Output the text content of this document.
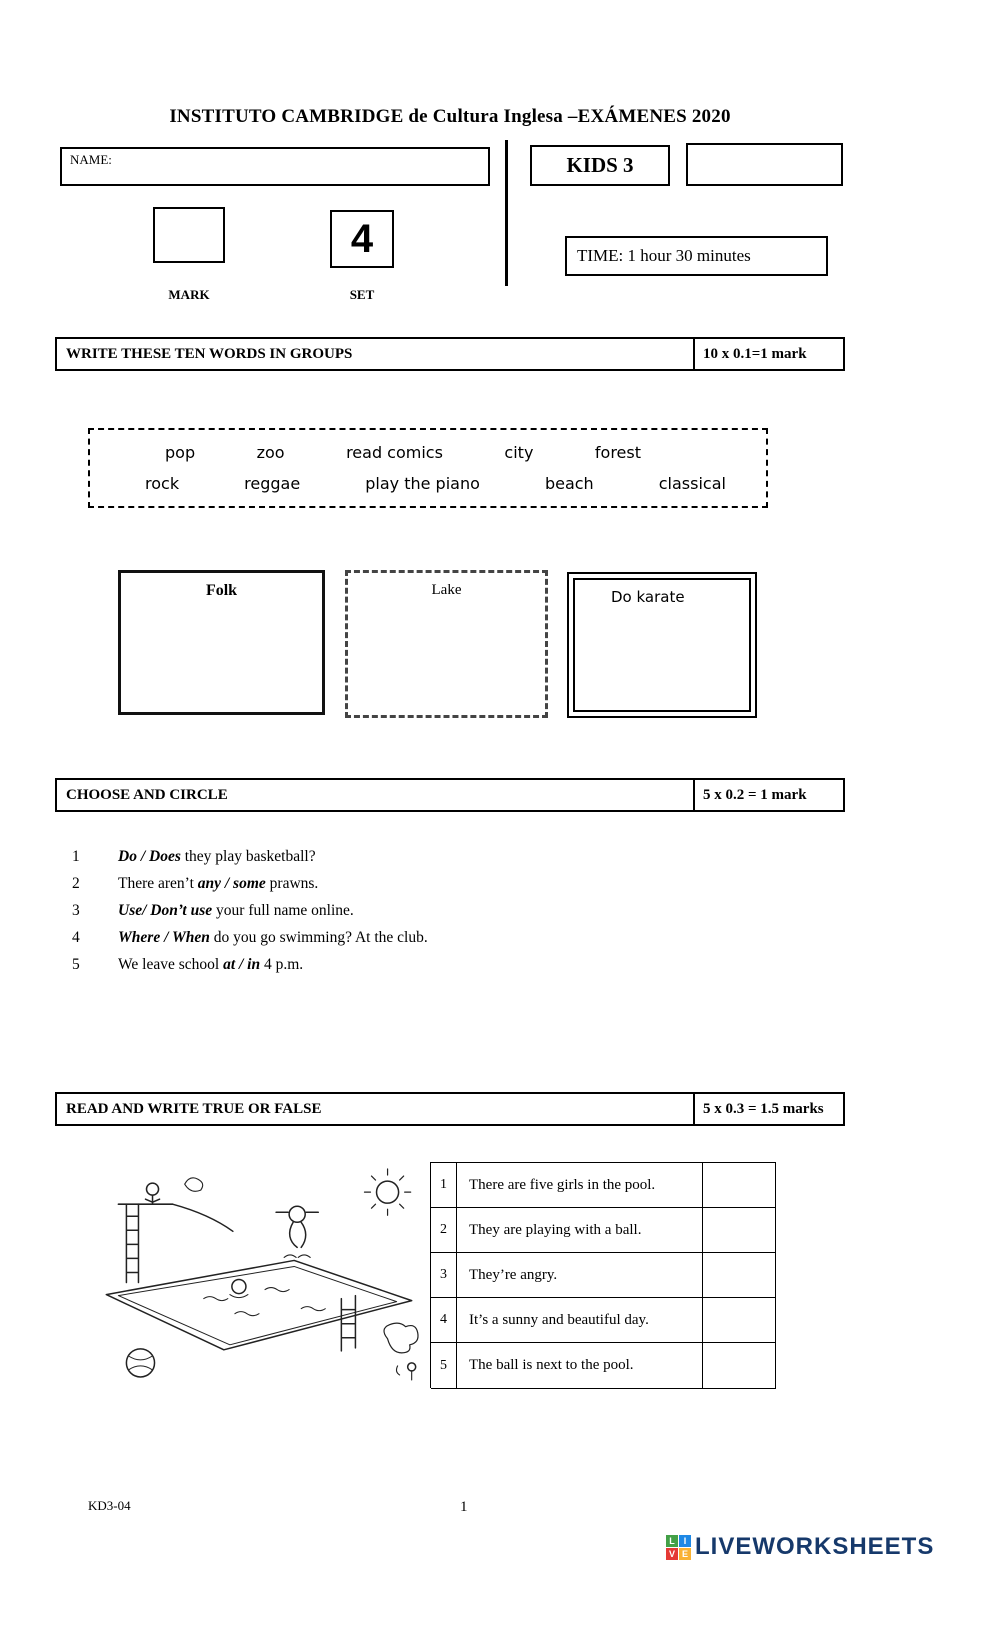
INSTITUTO CAMBRIDGE de Cultura Inglesa –EXÁMENES 2020
NAME:	KIDS 3
4
MARK	SET
TIME: 1 hour 30 minutes
WRITE THESE TEN WORDS IN GROUPS	10 x 0.1=1 mark
pop	zoo	read comics	city	forest
rock	reggae	play the piano	beach	classical
Folk	Lake	Do karate
CHOOSE AND CIRCLE	5 x 0.2 = 1 mark
1	Do / Does they play basketball?
2	There aren’t any / some prawns.
3	Use/ Don’t use your full name online.
4	Where / When do you go swimming? At the club.
5	We leave school at / in 4 p.m.
READ AND WRITE TRUE OR FALSE	5 x 0.3 = 1.5 marks
1	There are five girls in the pool.
2	They are playing with a ball.
3	They’re angry.
4	It’s a sunny and beautiful day.
5	The ball is next to the pool.
KD3-04	1
L I
V E LIVEWORKSHEETS
